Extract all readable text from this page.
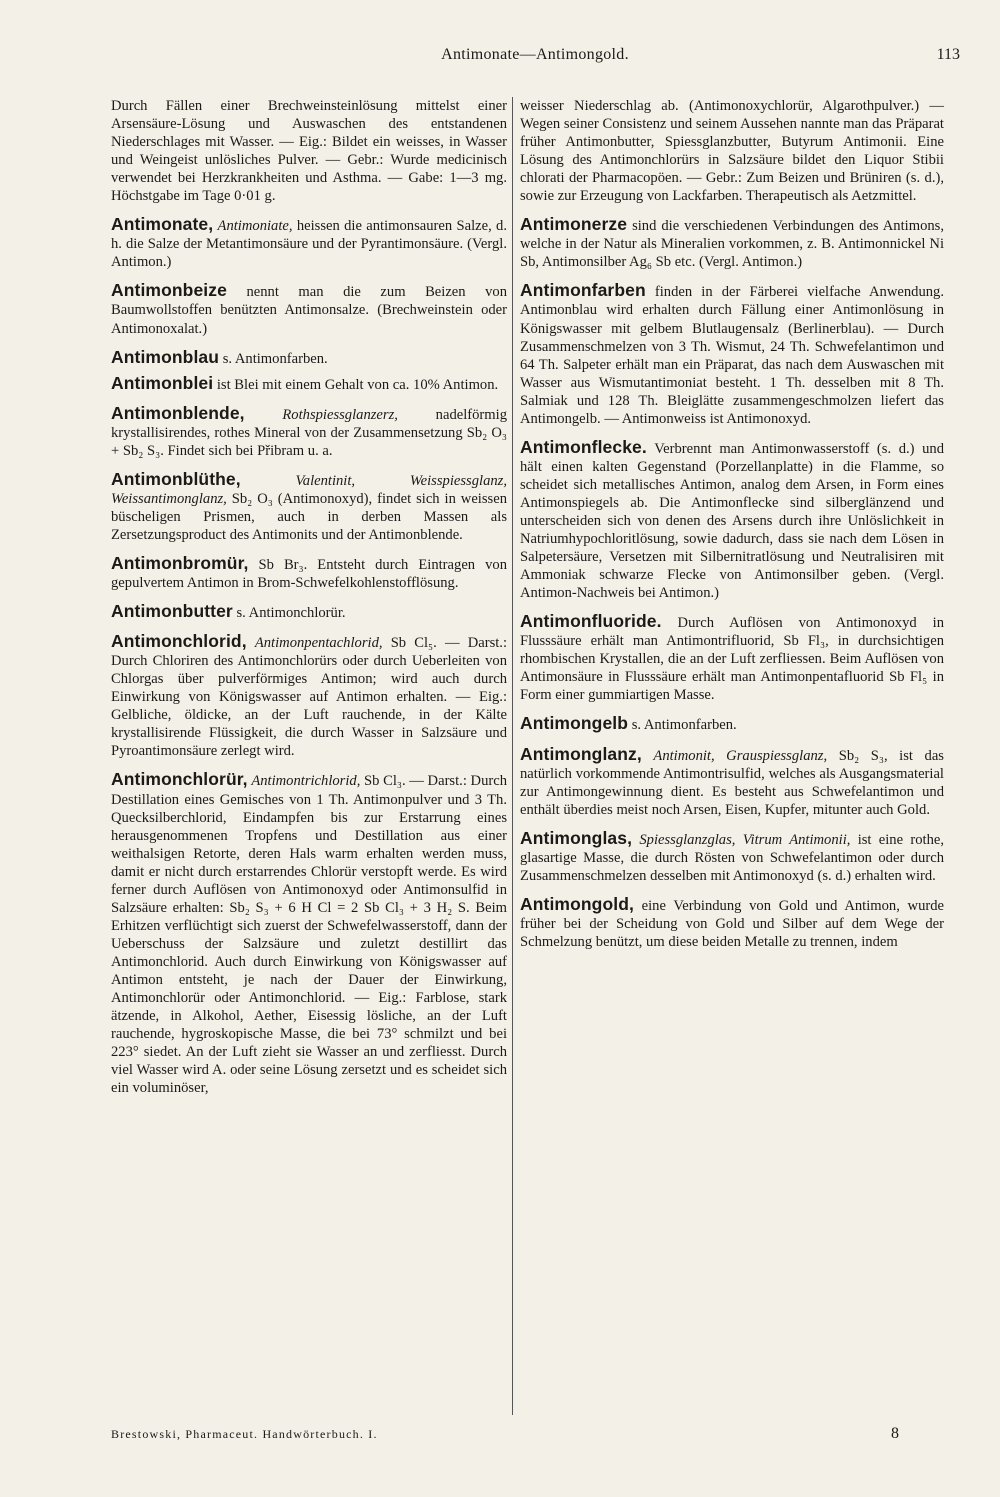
Antimonate—Antimongold.	113

Durch Fällen einer Brechweinsteinlösung mittelst einer Arsensäure-Lösung und Auswaschen des entstandenen Niederschlages mit Wasser. — Eig.: Bildet ein weisses, in Wasser und Weingeist unlösliches Pulver. — Gebr.: Wurde medicinisch verwendet bei Herzkrankheiten und Asthma. — Gabe: 1—3 mg. Höchstgabe im Tage 0·01 g.

Antimonate, Antimoniate, heissen die antimonsauren Salze, d. h. die Salze der Metantimonsäure und der Pyrantimonsäure. (Vergl. Antimon.)

Antimonbeize nennt man die zum Beizen von Baumwollstoffen benützten Antimonsalze. (Brechweinstein oder Antimonoxalat.)

Antimonblau s. Antimonfarben.

Antimonblei ist Blei mit einem Gehalt von ca. 10% Antimon.

Antimonblende,	Rothspiessglanzerz,	nadelförmig krystallisirendes, rothes Mineral von der Zusammensetzung Sb₂ O₃ + Sb₂ S₃. Findet sich bei Přibram u. a.

Antimonblüthe,	Valentinit, Weisspiessglanz, Weissantimonglanz, Sb₂ O₃ (Antimonoxyd), findet sich in weissen büscheligen Prismen, auch in derben Massen als Zersetzungsproduct des Antimonits und der Antimonblende.

Antimonbromür, Sb Br₃. Entsteht durch Eintragen von gepulvertem Antimon in Brom-Schwefelkohlenstofflösung.

Antimonbutter s. Antimonchlorür.

Antimonchlorid, Antimonpentachlorid, Sb Cl₅. — Darst.: Durch Chloriren des Antimonchlorürs oder durch Ueberleiten von Chlorgas über pulverförmiges Antimon; wird auch durch Einwirkung von Königswasser auf Antimon erhalten. — Eig.: Gelbliche, öldicke, an der Luft rauchende, in der Kälte krystallisirende Flüssigkeit, die durch Wasser in Salzsäure und Pyroantimonsäure zerlegt wird.

Antimonchlorür, Antimontrichlorid, Sb Cl₃. — Darst.: Durch Destillation eines Gemisches von 1 Th. Antimonpulver und 3 Th. Quecksilberchlorid, Eindampfen bis zur Erstarrung eines herausgenommenen Tropfens und Destillation aus einer weithalsigen Retorte, deren Hals warm erhalten werden muss, damit er nicht durch erstarrendes Chlorür verstopft werde. Es wird ferner durch Auflösen von Antimonoxyd oder Antimonsulfid in Salzsäure erhalten: Sb₂ S₃ + 6 H Cl = 2 Sb Cl₃ + 3 H₂ S. Beim Erhitzen verflüchtigt sich zuerst der Schwefelwasserstoff, dann der Ueberschuss der Salzsäure und zuletzt destillirt das Antimonchlorid. Auch durch Einwirkung von Königswasser auf Antimon entsteht, je nach der Dauer der Einwirkung, Antimonchlorür oder Antimonchlorid. — Eig.: Farblose, stark ätzende, in Alkohol, Aether, Eisessig lösliche, an der Luft rauchende, hygroskopische Masse, die bei 73° schmilzt und bei 223° siedet. An der Luft zieht sie Wasser an und zerfliesst. Durch viel Wasser wird A. oder seine Lösung zersetzt und es scheidet sich ein voluminöser,

weisser Niederschlag ab. (Antimonoxychlorür, Algarothpulver.) — Wegen seiner Consistenz und seinem Aussehen nannte man das Präparat früher Antimonbutter, Spiessglanzbutter, Butyrum Antimonii. Eine Lösung des Antimonchlorürs in Salzsäure bildet den Liquor Stibii chlorati der Pharmacopöen. — Gebr.: Zum Beizen und Brüniren (s. d.), sowie zur Erzeugung von Lackfarben. Therapeutisch als Aetzmittel.

Antimonerze sind die verschiedenen Verbindungen des Antimons, welche in der Natur als Mineralien vorkommen, z. B. Antimonnickel Ni Sb, Antimonsilber Ag₆ Sb etc. (Vergl. Antimon.)

Antimonfarben finden in der Färberei vielfache Anwendung. Antimonblau wird erhalten durch Fällung einer Antimonlösung in Königswasser mit gelbem Blutlaugensalz (Berlinerblau). — Durch Zusammenschmelzen von 3 Th. Wismut, 24 Th. Schwefelantimon und 64 Th. Salpeter erhält man ein Präparat, das nach dem Auswaschen mit Wasser aus Wismutantimoniat besteht. 1 Th. desselben mit 8 Th. Salmiak und 128 Th. Bleiglätte zusammengeschmolzen liefert das Antimongelb. — Antimonweiss ist Antimonoxyd.

Antimonflecke. Verbrennt man Antimonwasserstoff (s. d.) und hält einen kalten Gegenstand (Porzellanplatte) in die Flamme, so scheidet sich metallisches Antimon, analog dem Arsen, in Form eines Antimonspiegels ab. Die Antimonflecke sind silberglänzend und unterscheiden sich von denen des Arsens durch ihre Unlöslichkeit in Natriumhypochloritlösung, sowie dadurch, dass sie nach dem Lösen in Salpetersäure, Versetzen mit Silbernitratlösung und Neutralisiren mit Ammoniak schwarze Flecke von Antimonsilber geben. (Vergl. Antimon-Nachweis bei Antimon.)

Antimonfluoride. Durch Auflösen von Antimonoxyd in Flusssäure erhält man Antimontrifluorid, Sb Fl₃, in durchsichtigen rhombischen Krystallen, die an der Luft zerfliessen. Beim Auflösen von Antimonsäure in Flusssäure erhält man Antimonpentafluorid Sb Fl₅ in Form einer gummiartigen Masse.

Antimongelb s. Antimonfarben.

Antimonglanz, Antimonit, Grauspiessglanz, Sb₂ S₃, ist das natürlich vorkommende Antimontrisulfid, welches als Ausgangsmaterial zur Antimongewinnung dient. Es besteht aus Schwefelantimon und enthält überdies meist noch Arsen, Eisen, Kupfer, mitunter auch Gold.

Antimonglas, Spiessglanzglas, Vitrum Antimonii, ist eine rothe, glasartige Masse, die durch Rösten von Schwefelantimon oder durch Zusammenschmelzen desselben mit Antimonoxyd (s. d.) erhalten wird.

Antimongold, eine Verbindung von Gold und Antimon, wurde früher bei der Scheidung von Gold und Silber auf dem Wege der Schmelzung benützt, um diese beiden Metalle zu trennen, indem

Brestowski, Pharmaceut. Handwörterbuch. I.	8
